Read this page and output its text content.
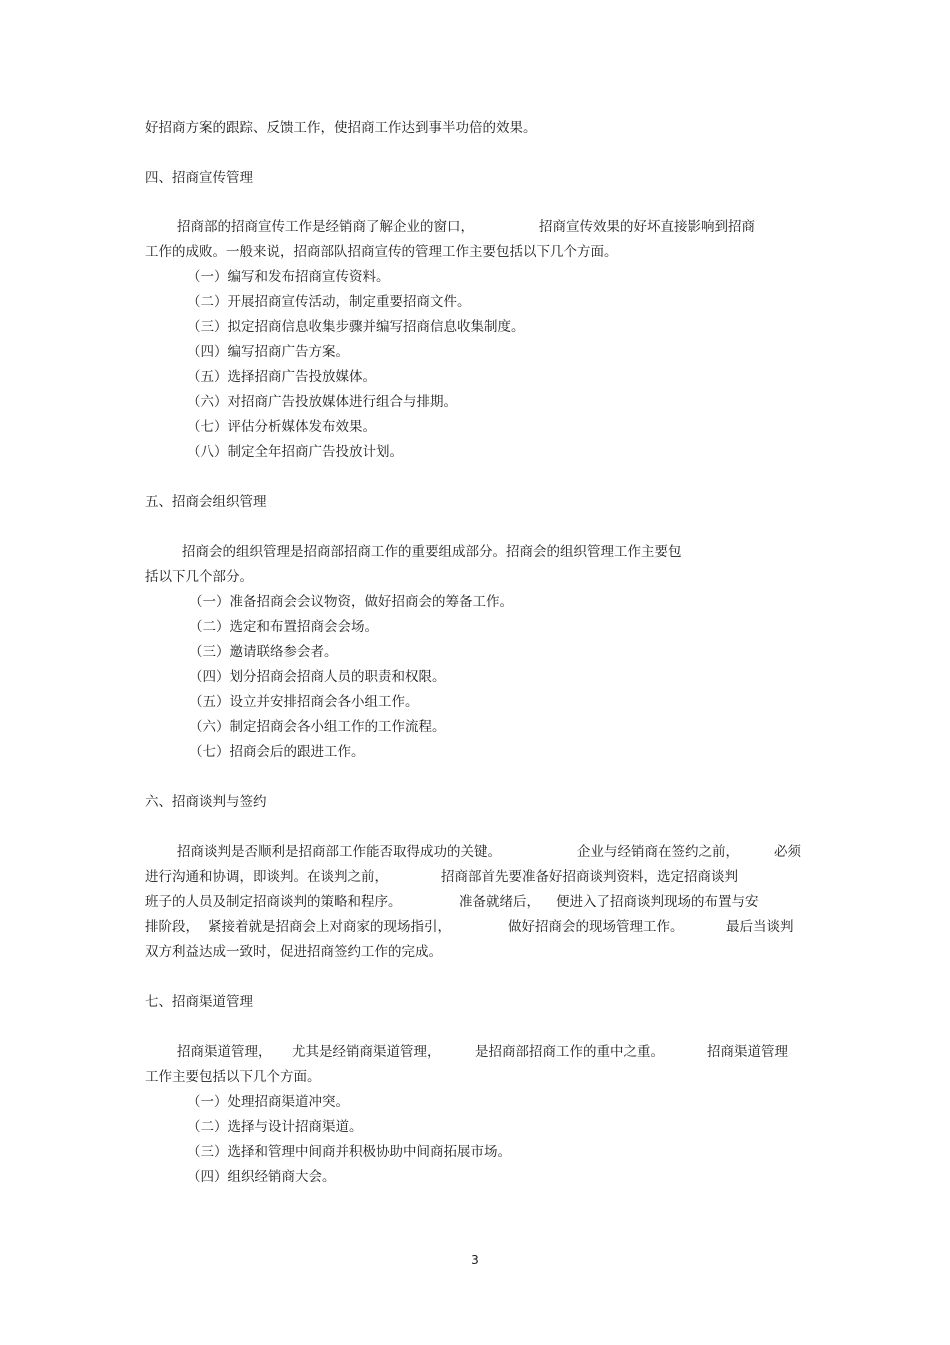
好招商方案的跟踪、反馈工作，使招商工作达到事半功倍的效果。
四、招商宣传管理
招商部的招商宣传工作是经销商了解企业的窗口，	招商宣传效果的好坏直接影响到招商
工作的成败。一般来说，招商部队招商宣传的管理工作主要包括以下几个方面。
（一）编写和发布招商宣传资料。
（二）开展招商宣传活动，制定重要招商文件。
（三）拟定招商信息收集步骤并编写招商信息收集制度。
（四）编写招商广告方案。
（五）选择招商广告投放媒体。
（六）对招商广告投放媒体进行组合与排期。
（七）评估分析媒体发布效果。
（八）制定全年招商广告投放计划。
五、招商会组织管理
招商会的组织管理是招商部招商工作的重要组成部分。招商会的组织管理工作主要包
括以下几个部分。
（一）准备招商会会议物资，做好招商会的筹备工作。
（二）选定和布置招商会会场。
（三）邀请联络参会者。
（四）划分招商会招商人员的职责和权限。
（五）设立并安排招商会各小组工作。
（六）制定招商会各小组工作的工作流程。
（七）招商会后的跟进工作。
六、招商谈判与签约
招商谈判是否顺利是招商部工作能否取得成功的关键。	企业与经销商在签约之前，	必须
进行沟通和协调，即谈判。在谈判之前，	招商部首先要准备好招商谈判资料，选定招商谈判
班子的人员及制定招商谈判的策略和程序。	准备就绪后， 便进入了招商谈判现场的布置与安
排阶段， 紧接着就是招商会上对商家的现场指引，	做好招商会的现场管理工作。	最后当谈判
双方利益达成一致时，促进招商签约工作的完成。
七、招商渠道管理
招商渠道管理， 尤其是经销商渠道管理，	是招商部招商工作的重中之重。	招商渠道管理
工作主要包括以下几个方面。
（一）处理招商渠道冲突。
（二）选择与设计招商渠道。
（三）选择和管理中间商并积极协助中间商拓展市场。
（四）组织经销商大会。
3
